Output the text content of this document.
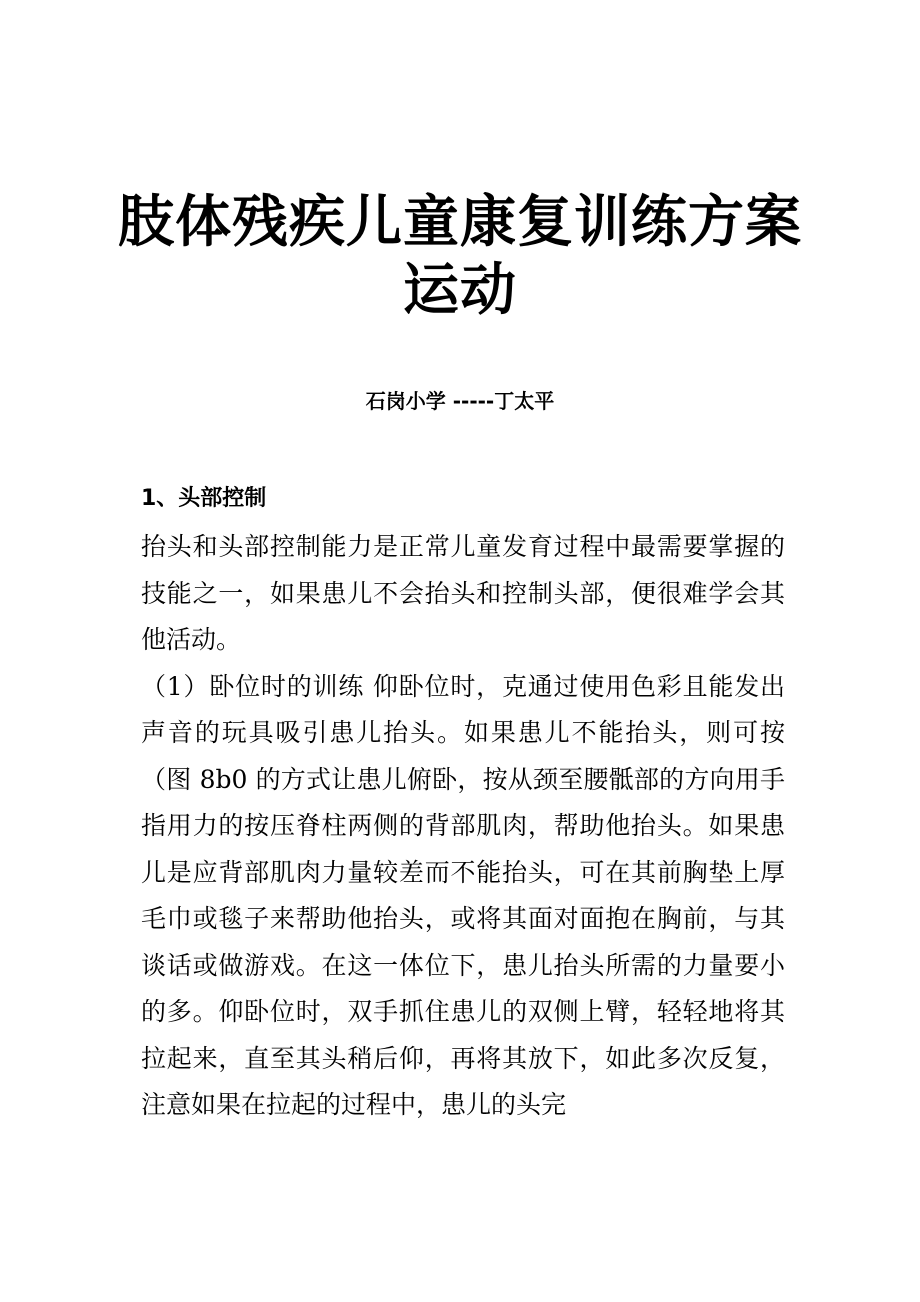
肢体残疾儿童康复训练方案运动

石岗小学 -----丁太平

1、头部控制

抬头和头部控制能力是正常儿童发育过程中最需要掌握的技能之一，如果患儿不会抬头和控制头部，便很难学会其他活动。

（1）卧位时的训练 仰卧位时，克通过使用色彩且能发出声音的玩具吸引患儿抬头。如果患儿不能抬头，则可按（图 8b0 的方式让患儿俯卧，按从颈至腰骶部的方向用手指用力的按压脊柱两侧的背部肌肉，帮助他抬头。如果患儿是应背部肌肉力量较差而不能抬头，可在其前胸垫上厚毛巾或毯子来帮助他抬头，或将其面对面抱在胸前，与其谈话或做游戏。在这一体位下，患儿抬头所需的力量要小的多。仰卧位时，双手抓住患儿的双侧上臂，轻轻地将其拉起来，直至其头稍后仰，再将其放下，如此多次反复，注意如果在拉起的过程中，患儿的头完
